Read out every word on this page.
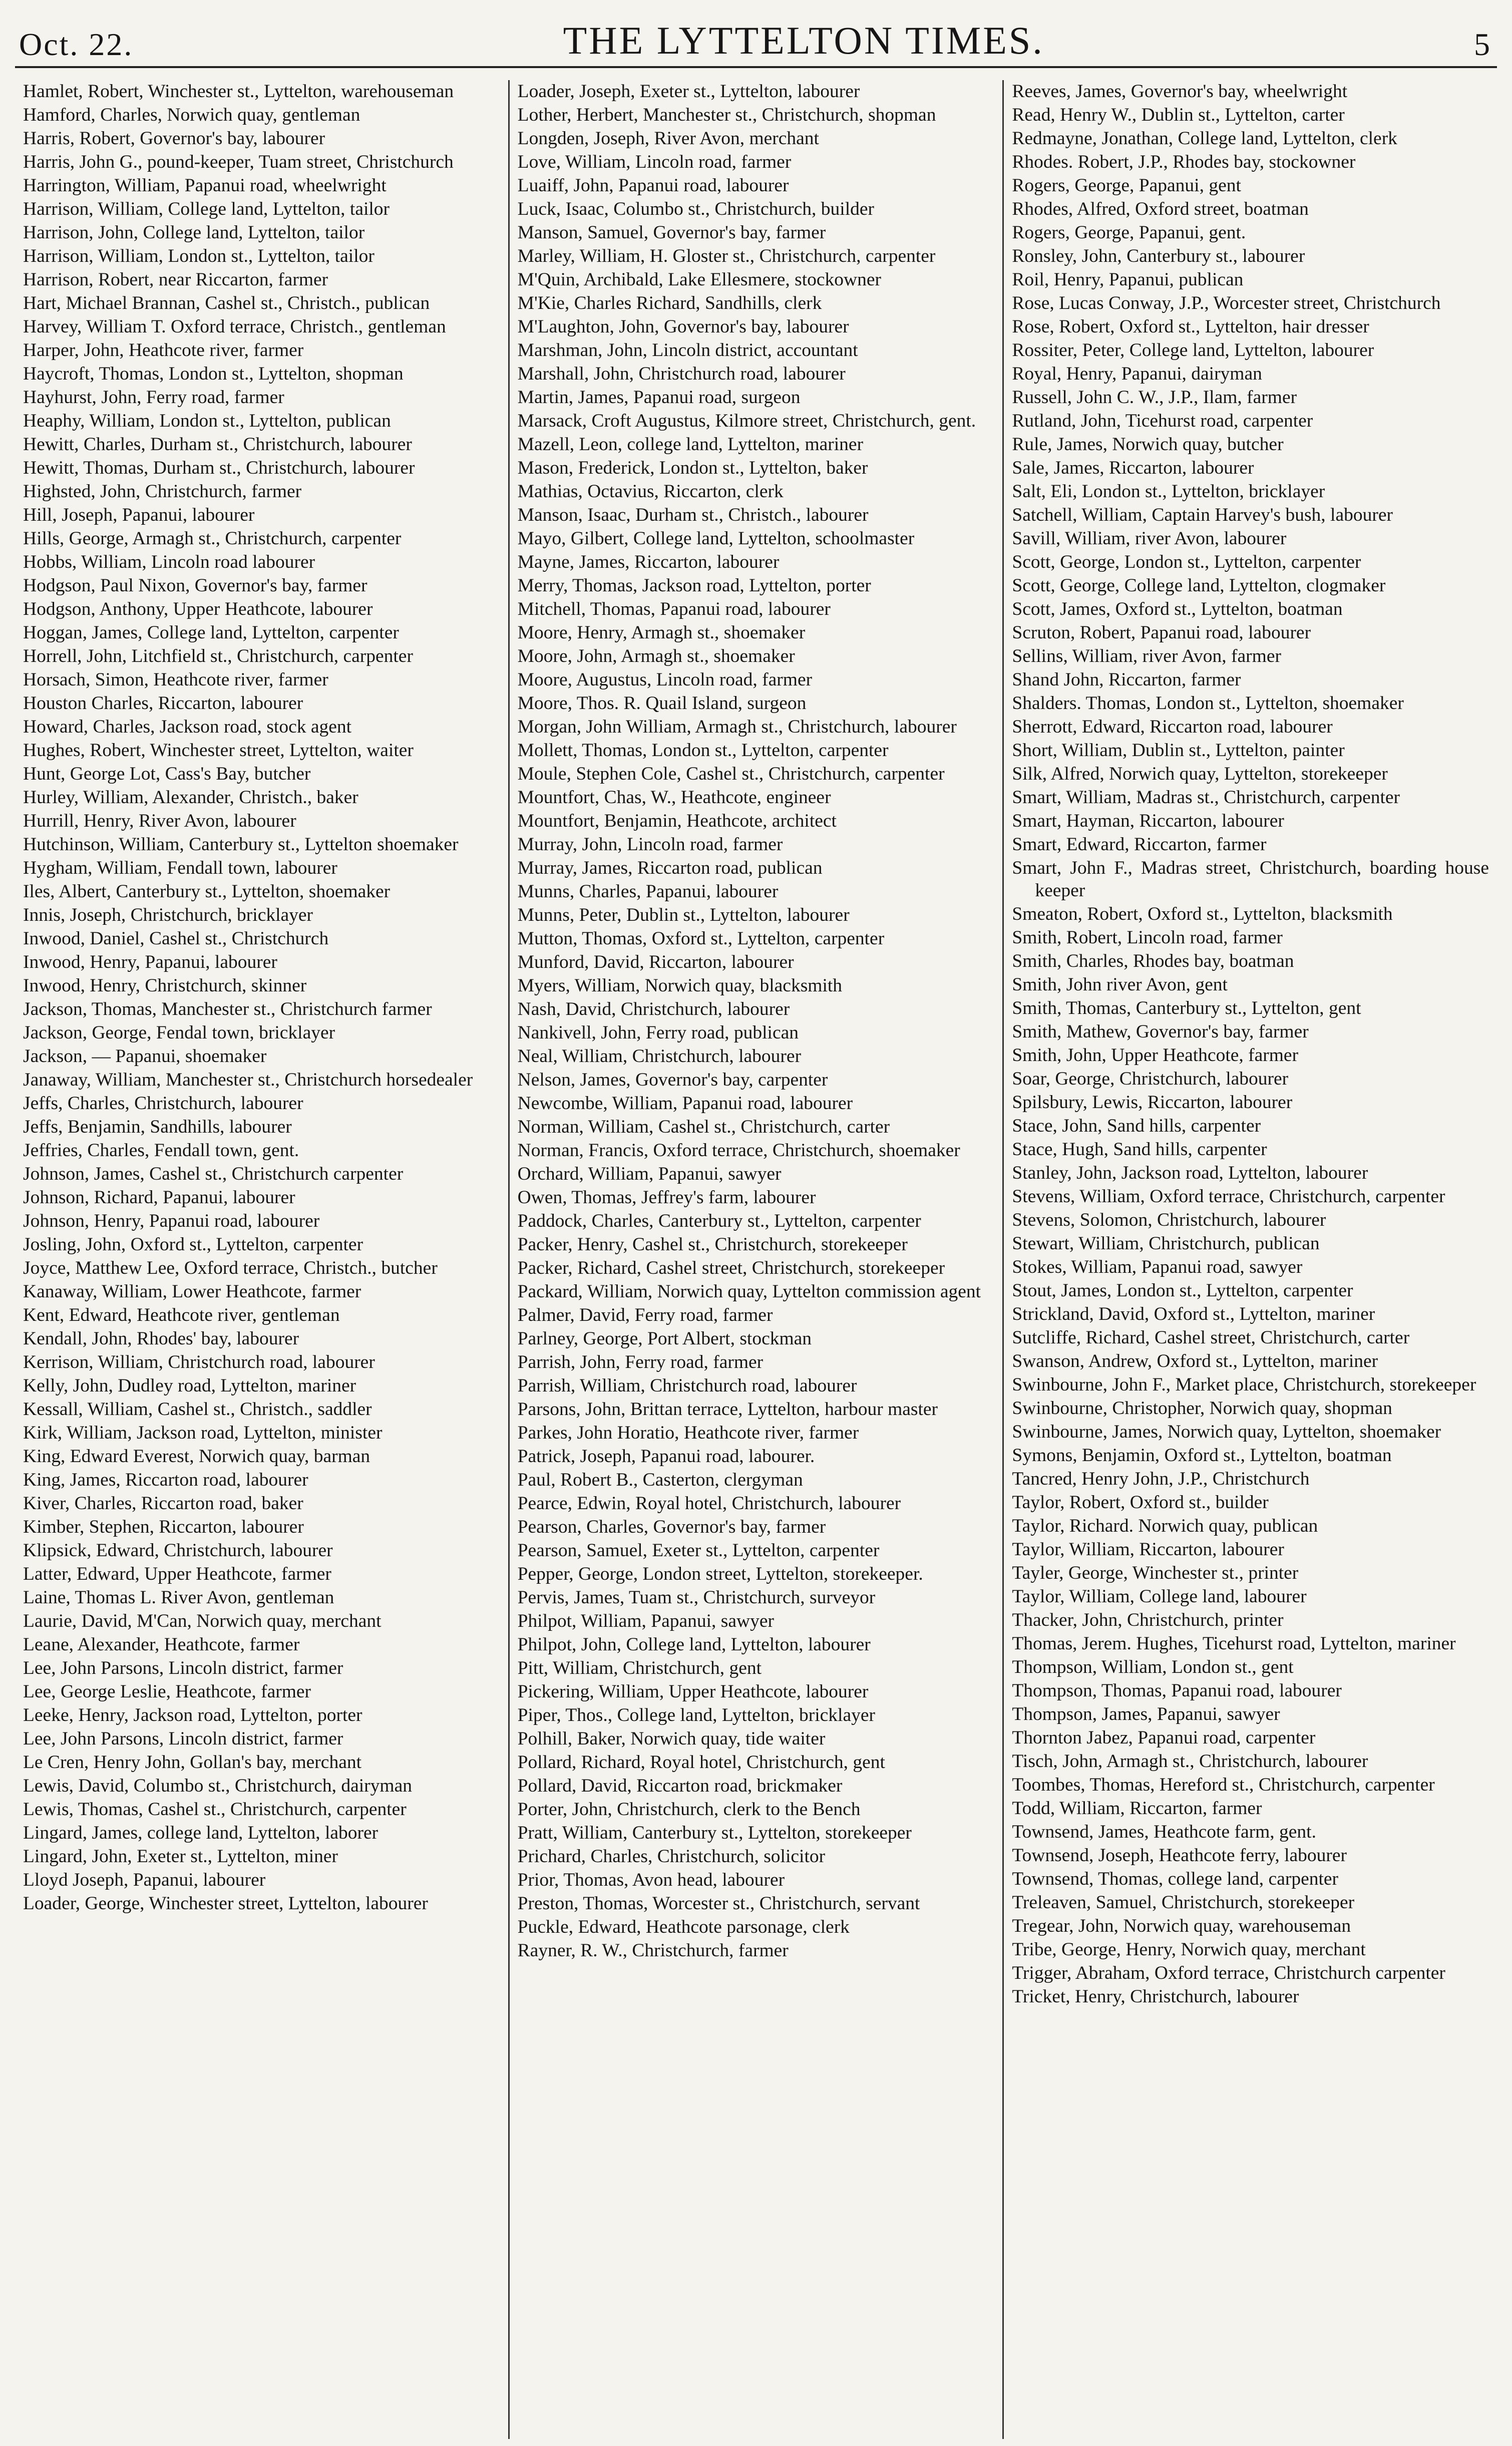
Oct. 22.	THE LYTTELTON TIMES.	5

Hamlet, Robert, Winchester st., Lyttelton, warehouseman

Hamford, Charles, Norwich quay, gentleman

Harris, Robert, Governor's bay, labourer

Harris, John G., pound-keeper, Tuam street, Christchurch

Harrington, William, Papanui road, wheelwright

Harrison, William, College land, Lyttelton, tailor

Harrison, John, College land, Lyttelton, tailor

Harrison, William, London st., Lyttelton, tailor

Harrison, Robert, near Riccarton, farmer

Hart, Michael Brannan, Cashel st., Christch., publican

Harvey, William T. Oxford terrace, Christch., gentleman

Harper, John, Heathcote river, farmer

Haycroft, Thomas, London st., Lyttelton, shopman

Hayhurst, John, Ferry road, farmer

Heaphy, William, London st., Lyttelton, publican

Hewitt, Charles, Durham st., Christchurch, labourer

Hewitt, Thomas, Durham st., Christchurch, labourer

Highsted, John, Christchurch, farmer

Hill, Joseph, Papanui, labourer

Hills, George, Armagh st., Christchurch, carpenter

Hobbs, William, Lincoln road labourer

Hodgson, Paul Nixon, Governor's bay, farmer

Hodgson, Anthony, Upper Heathcote, labourer

Hoggan, James, College land, Lyttelton, carpenter

Horrell, John, Litchfield st., Christchurch, carpenter

Horsach, Simon, Heathcote river, farmer

Houston Charles, Riccarton, labourer

Howard, Charles, Jackson road, stock agent

Hughes, Robert, Winchester street, Lyttelton, waiter

Hunt, George Lot, Cass's Bay, butcher

Hurley, William, Alexander, Christch., baker

Hurrill, Henry, River Avon, labourer

Hutchinson, William, Canterbury st., Lyttelton shoemaker

Hygham, William, Fendall town, labourer

Iles, Albert, Canterbury st., Lyttelton, shoemaker

Innis, Joseph, Christchurch, bricklayer

Inwood, Daniel, Cashel st., Christchurch

Inwood, Henry, Papanui, labourer

Inwood, Henry, Christchurch, skinner

Jackson, Thomas, Manchester st., Christchurch farmer

Jackson, George, Fendal town, bricklayer

Jackson, — Papanui, shoemaker

Janaway, William, Manchester st., Christchurch horsedealer

Jeffs, Charles, Christchurch, labourer

Jeffs, Benjamin, Sandhills, labourer

Jeffries, Charles, Fendall town, gent.

Johnson, James, Cashel st., Christchurch carpenter

Johnson, Richard, Papanui, labourer

Johnson, Henry, Papanui road, labourer

Josling, John, Oxford st., Lyttelton, carpenter

Joyce, Matthew Lee, Oxford terrace, Christch., butcher

Kanaway, William, Lower Heathcote, farmer

Kent, Edward, Heathcote river, gentleman

Kendall, John, Rhodes' bay, labourer

Kerrison, William, Christchurch road, labourer

Kelly, John, Dudley road, Lyttelton, mariner

Kessall, William, Cashel st., Christch., saddler

Kirk, William, Jackson road, Lyttelton, minister

King, Edward Everest, Norwich quay, barman

King, James, Riccarton road, labourer

Kiver, Charles, Riccarton road, baker

Kimber, Stephen, Riccarton, labourer

Klipsick, Edward, Christchurch, labourer

Latter, Edward, Upper Heathcote, farmer

Laine, Thomas L. River Avon, gentleman

Laurie, David, M'Can, Norwich quay, merchant

Leane, Alexander, Heathcote, farmer

Lee, John Parsons, Lincoln district, farmer

Lee, George Leslie, Heathcote, farmer

Leeke, Henry, Jackson road, Lyttelton, porter

Lee, John Parsons, Lincoln district, farmer

Le Cren, Henry John, Gollan's bay, merchant

Lewis, David, Columbo st., Christchurch, dairyman

Lewis, Thomas, Cashel st., Christchurch, carpenter

Lingard, James, college land, Lyttelton, laborer

Lingard, John, Exeter st., Lyttelton, miner

Lloyd Joseph, Papanui, labourer

Loader, George, Winchester street, Lyttelton, labourer

Loader, Joseph, Exeter st., Lyttelton, labourer

Lother, Herbert, Manchester st., Christchurch, shopman

Longden, Joseph, River Avon, merchant

Love, William, Lincoln road, farmer

Luaiff, John, Papanui road, labourer

Luck, Isaac, Columbo st., Christchurch, builder

Manson, Samuel, Governor's bay, farmer

Marley, William, H. Gloster st., Christchurch, carpenter

M'Quin, Archibald, Lake Ellesmere, stockowner

M'Kie, Charles Richard, Sandhills, clerk

M'Laughton, John, Governor's bay, labourer

Marshman, John, Lincoln district, accountant

Marshall, John, Christchurch road, labourer

Martin, James, Papanui road, surgeon

Marsack, Croft Augustus, Kilmore street, Christchurch, gent.

Mazell, Leon, college land, Lyttelton, mariner

Mason, Frederick, London st., Lyttelton, baker

Mathias, Octavius, Riccarton, clerk

Manson, Isaac, Durham st., Christch., labourer

Mayo, Gilbert, College land, Lyttelton, schoolmaster

Mayne, James, Riccarton, labourer

Merry, Thomas, Jackson road, Lyttelton, porter

Mitchell, Thomas, Papanui road, labourer

Moore, Henry, Armagh st., shoemaker

Moore, John, Armagh st., shoemaker

Moore, Augustus, Lincoln road, farmer

Moore, Thos. R. Quail Island, surgeon

Morgan, John William, Armagh st., Christchurch, labourer

Mollett, Thomas, London st., Lyttelton, carpenter

Moule, Stephen Cole, Cashel st., Christchurch, carpenter

Mountfort, Chas, W., Heathcote, engineer

Mountfort, Benjamin, Heathcote, architect

Murray, John, Lincoln road, farmer

Murray, James, Riccarton road, publican

Munns, Charles, Papanui, labourer

Munns, Peter, Dublin st., Lyttelton, labourer

Mutton, Thomas, Oxford st., Lyttelton, carpenter

Munford, David, Riccarton, labourer

Myers, William, Norwich quay, blacksmith

Nash, David, Christchurch, labourer

Nankivell, John, Ferry road, publican

Neal, William, Christchurch, labourer

Nelson, James, Governor's bay, carpenter

Newcombe, William, Papanui road, labourer

Norman, William, Cashel st., Christchurch, carter

Norman, Francis, Oxford terrace, Christchurch, shoemaker

Orchard, William, Papanui, sawyer

Owen, Thomas, Jeffrey's farm, labourer

Paddock, Charles, Canterbury st., Lyttelton, carpenter

Packer, Henry, Cashel st., Christchurch, storekeeper

Packer, Richard, Cashel street, Christchurch, storekeeper

Packard, William, Norwich quay, Lyttelton commission agent

Palmer, David, Ferry road, farmer

Parlney, George, Port Albert, stockman

Parrish, John, Ferry road, farmer

Parrish, William, Christchurch road, labourer

Parsons, John, Brittan terrace, Lyttelton, harbour master

Parkes, John Horatio, Heathcote river, farmer

Patrick, Joseph, Papanui road, labourer.

Paul, Robert B., Casterton, clergyman

Pearce, Edwin, Royal hotel, Christchurch, labourer

Pearson, Charles, Governor's bay, farmer

Pearson, Samuel, Exeter st., Lyttelton, carpenter

Pepper, George, London street, Lyttelton, storekeeper.

Pervis, James, Tuam st., Christchurch, surveyor

Philpot, William, Papanui, sawyer

Philpot, John, College land, Lyttelton, labourer

Pitt, William, Christchurch, gent

Pickering, William, Upper Heathcote, labourer

Piper, Thos., College land, Lyttelton, bricklayer

Polhill, Baker, Norwich quay, tide waiter

Pollard, Richard, Royal hotel, Christchurch, gent

Pollard, David, Riccarton road, brickmaker

Porter, John, Christchurch, clerk to the Bench

Pratt, William, Canterbury st., Lyttelton, storekeeper

Prichard, Charles, Christchurch, solicitor

Prior, Thomas, Avon head, labourer

Preston, Thomas, Worcester st., Christchurch, servant

Puckle, Edward, Heathcote parsonage, clerk

Rayner, R. W., Christchurch, farmer

Reeves, James, Governor's bay, wheelwright

Read, Henry W., Dublin st., Lyttelton, carter

Redmayne, Jonathan, College land, Lyttelton, clerk

Rhodes. Robert, J.P., Rhodes bay, stockowner

Rogers, George, Papanui, gent

Rhodes, Alfred, Oxford street, boatman

Rogers, George, Papanui, gent.

Ronsley, John, Canterbury st., labourer

Roil, Henry, Papanui, publican

Rose, Lucas Conway, J.P., Worcester street, Christchurch

Rose, Robert, Oxford st., Lyttelton, hair dresser

Rossiter, Peter, College land, Lyttelton, labourer

Royal, Henry, Papanui, dairyman

Russell, John C. W., J.P., Ilam, farmer

Rutland, John, Ticehurst road, carpenter

Rule, James, Norwich quay, butcher

Sale, James, Riccarton, labourer

Salt, Eli, London st., Lyttelton, bricklayer

Satchell, William, Captain Harvey's bush, labourer

Savill, William, river Avon, labourer

Scott, George, London st., Lyttelton, carpenter

Scott, George, College land, Lyttelton, clogmaker

Scott, James, Oxford st., Lyttelton, boatman

Scruton, Robert, Papanui road, labourer

Sellins, William, river Avon, farmer

Shand John, Riccarton, farmer

Shalders. Thomas, London st., Lyttelton, shoemaker

Sherrott, Edward, Riccarton road, labourer

Short, William, Dublin st., Lyttelton, painter

Silk, Alfred, Norwich quay, Lyttelton, storekeeper

Smart, William, Madras st., Christchurch, carpenter

Smart, Hayman, Riccarton, labourer

Smart, Edward, Riccarton, farmer

Smart, John F., Madras street, Christchurch, boarding house keeper

Smeaton, Robert, Oxford st., Lyttelton, blacksmith

Smith, Robert, Lincoln road, farmer

Smith, Charles, Rhodes bay, boatman

Smith, John river Avon, gent

Smith, Thomas, Canterbury st., Lyttelton, gent

Smith, Mathew, Governor's bay, farmer

Smith, John, Upper Heathcote, farmer

Soar, George, Christchurch, labourer

Spilsbury, Lewis, Riccarton, labourer

Stace, John, Sand hills, carpenter

Stace, Hugh, Sand hills, carpenter

Stanley, John, Jackson road, Lyttelton, labourer

Stevens, William, Oxford terrace, Christchurch, carpenter

Stevens, Solomon, Christchurch, labourer

Stewart, William, Christchurch, publican

Stokes, William, Papanui road, sawyer

Stout, James, London st., Lyttelton, carpenter

Strickland, David, Oxford st., Lyttelton, mariner

Sutcliffe, Richard, Cashel street, Christchurch, carter

Swanson, Andrew, Oxford st., Lyttelton, mariner

Swinbourne, John F., Market place, Christchurch, storekeeper

Swinbourne, Christopher, Norwich quay, shopman

Swinbourne, James, Norwich quay, Lyttelton, shoemaker

Symons, Benjamin, Oxford st., Lyttelton, boatman

Tancred, Henry John, J.P., Christchurch

Taylor, Robert, Oxford st., builder

Taylor, Richard. Norwich quay, publican

Taylor, William, Riccarton, labourer

Tayler, George, Winchester st., printer

Taylor, William, College land, labourer

Thacker, John, Christchurch, printer

Thomas, Jerem. Hughes, Ticehurst road, Lyttelton, mariner

Thompson, William, London st., gent

Thompson, Thomas, Papanui road, labourer

Thompson, James, Papanui, sawyer

Thornton Jabez, Papanui road, carpenter

Tisch, John, Armagh st., Christchurch, labourer

Toombes, Thomas, Hereford st., Christchurch, carpenter

Todd, William, Riccarton, farmer

Townsend, James, Heathcote farm, gent.

Townsend, Joseph, Heathcote ferry, labourer

Townsend, Thomas, college land, carpenter

Treleaven, Samuel, Christchurch, storekeeper

Tregear, John, Norwich quay, warehouseman

Tribe, George, Henry, Norwich quay, merchant

Trigger, Abraham, Oxford terrace, Christchurch carpenter

Tricket, Henry, Christchurch, labourer
